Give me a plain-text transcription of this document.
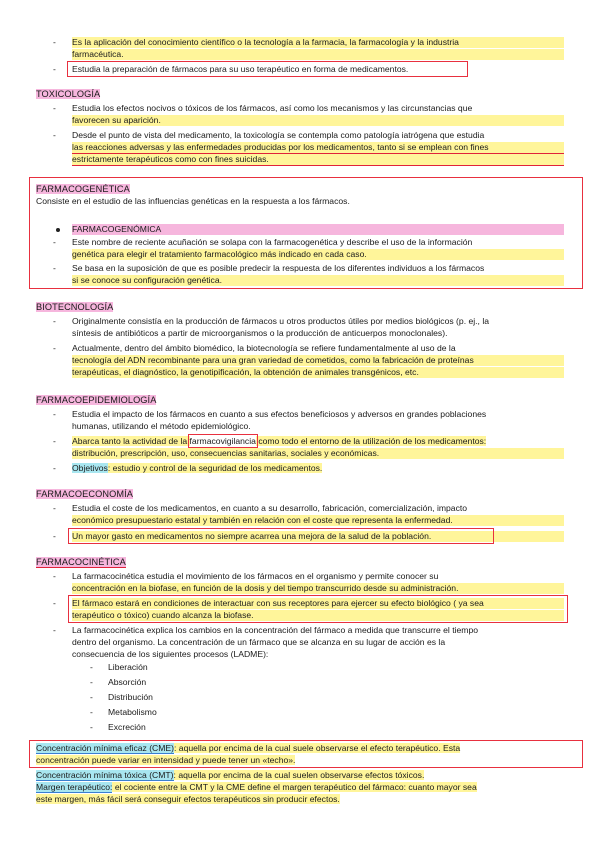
- Es la aplicación del conocimiento científico o la tecnología a la farmacia, la farmacología y la industria
farmacéutica.
- Estudia la preparación de fármacos para su uso terapéutico en forma de medicamentos.
TOXICOLOGÍA
- Estudia los efectos nocivos o tóxicos de los fármacos, así como los mecanismos y las circunstancias que
favorecen su aparición.
- Desde el punto de vista del medicamento, la toxicología se contempla como patología iatrógena que estudia
las reacciones adversas y las enfermedades producidas por los medicamentos, tanto si se emplean con fines
estrictamente terapéuticos como con fines suicidas.
FARMACOGENÉTICA
Consiste en el estudio de las influencias genéticas en la respuesta a los fármacos.
FARMACOGENÓMICA
- Este nombre de reciente acuñación se solapa con la farmacogenética y describe el uso de la información
genética para elegir el tratamiento farmacológico más indicado en cada caso.
- Se basa en la suposición de que es posible predecir la respuesta de los diferentes individuos a los fármacos
si se conoce su configuración genética.
BIOTECNOLOGÍA
- Originalmente consistía en la producción de fármacos u otros productos útiles por medios biológicos (p. ej., la
síntesis de antibióticos a partir de microorganismos o la producción de anticuerpos monoclonales).
- Actualmente, dentro del ámbito biomédico, la biotecnología se refiere fundamentalmente al uso de la
tecnología del ADN recombinante para una gran variedad de cometidos, como la fabricación de proteínas
terapéuticas, el diagnóstico, la genotipificación, la obtención de animales transgénicos, etc.
FARMACOEPIDEMIOLOGÍA
- Estudia el impacto de los fármacos en cuanto a sus efectos beneficiosos y adversos en grandes poblaciones
humanas, utilizando el método epidemiológico.
- Abarca tanto la actividad de la farmacovigilancia como todo el entorno de la utilización de los medicamentos:
distribución, prescripción, uso, consecuencias sanitarias, sociales y económicas.
- Objetivos: estudio y control de la seguridad de los medicamentos.
FARMACOECONOMÍA
- Estudia el coste de los medicamentos, en cuanto a su desarrollo, fabricación, comercialización, impacto
económico presupuestario estatal y también en relación con el coste que representa la enfermedad.
- Un mayor gasto en medicamentos no siempre acarrea una mejora de la salud de la población.
FARMACOCINÉTICA
- La farmacocinética estudia el movimiento de los fármacos en el organismo y permite conocer su
concentración en la biofase, en función de la dosis y del tiempo transcurrido desde su administración.
- El fármaco estará en condiciones de interactuar con sus receptores para ejercer su efecto biológico ( ya sea
terapéutico o tóxico) cuando alcanza la biofase.
- La farmacocinética explica los cambios en la concentración del fármaco a medida que transcurre el tiempo
dentro del organismo. La concentración de un fármaco que se alcanza en su lugar de acción es la
consecuencia de los siguientes procesos (LADME):
- Liberación
- Absorción
- Distribución
- Metabolismo
- Excreción
Concentración mínima eficaz (CME): aquella por encima de la cual suele observarse el efecto terapéutico. Esta
concentración puede variar en intensidad y puede tener un «techo».
Concentración mínima tóxica (CMT): aquella por encima de la cual suelen observarse efectos tóxicos.
Margen terapéutico: el cociente entre la CMT y la CME define el margen terapéutico del fármaco: cuanto mayor sea
este margen, más fácil será conseguir efectos terapéuticos sin producir efectos.
